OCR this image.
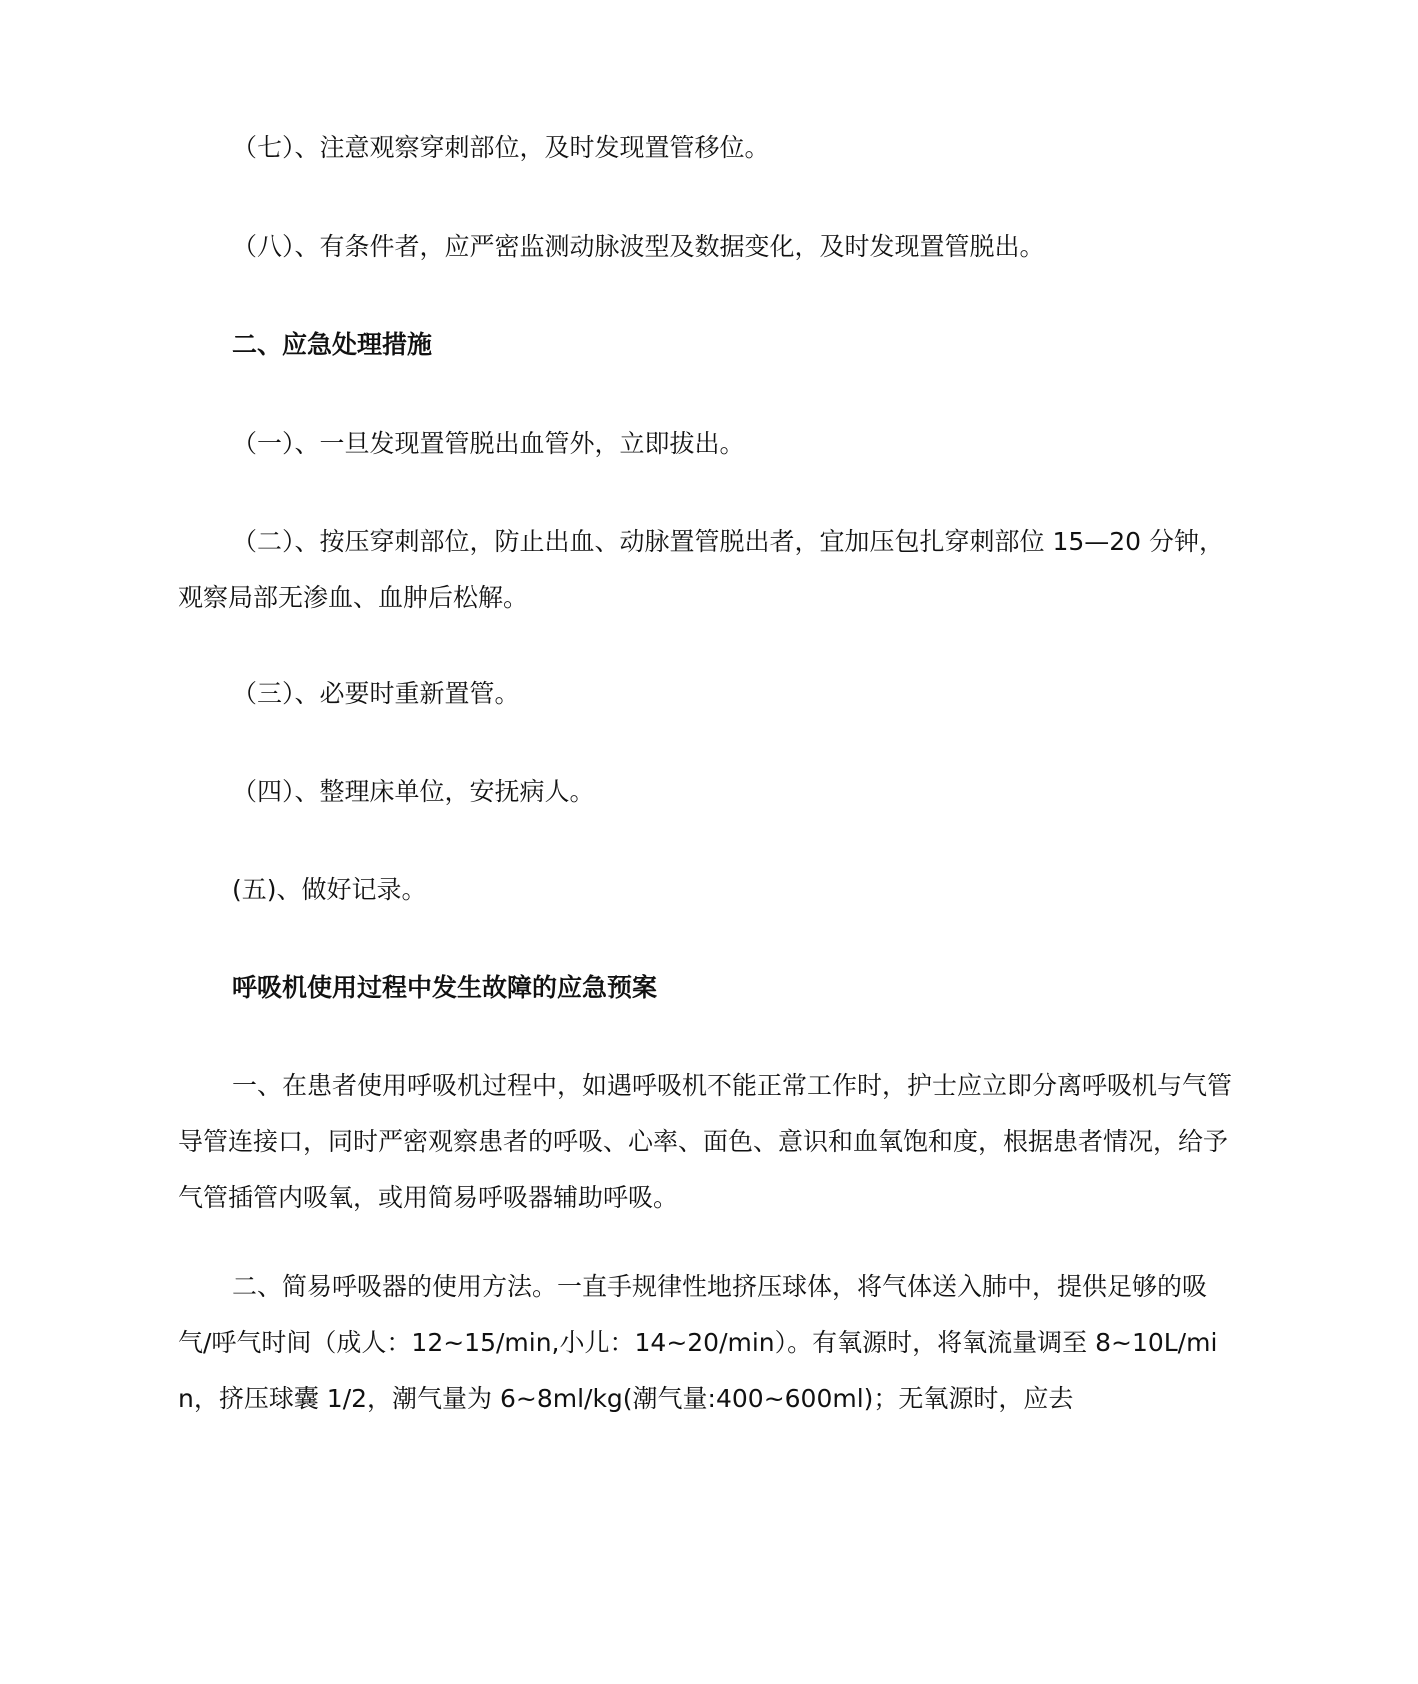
（七）、注意观察穿刺部位，及时发现置管移位。

（八）、有条件者，应严密监测动脉波型及数据变化，及时发现置管脱出。

二、应急处理措施

（一）、一旦发现置管脱出血管外，立即拔出。

（二）、按压穿刺部位，防止出血、动脉置管脱出者，宜加压包扎穿刺部位 15—20 分钟，观察局部无渗血、血肿后松解。

（三）、必要时重新置管。

（四）、整理床单位，安抚病人。

(五)、做好记录。

呼吸机使用过程中发生故障的应急预案

一、在患者使用呼吸机过程中，如遇呼吸机不能正常工作时，护士应立即分离呼吸机与气管导管连接口，同时严密观察患者的呼吸、心率、面色、意识和血氧饱和度，根据患者情况，给予气管插管内吸氧，或用简易呼吸器辅助呼吸。

二、简易呼吸器的使用方法。一直手规律性地挤压球体，将气体送入肺中，提供足够的吸气/呼气时间（成人：12~15/min,小儿：14~20/min）。有氧源时，将氧流量调至 8~10L/min，挤压球囊 1/2，潮气量为 6~8ml/kg(潮气量:400~600ml)；无氧源时，应去
